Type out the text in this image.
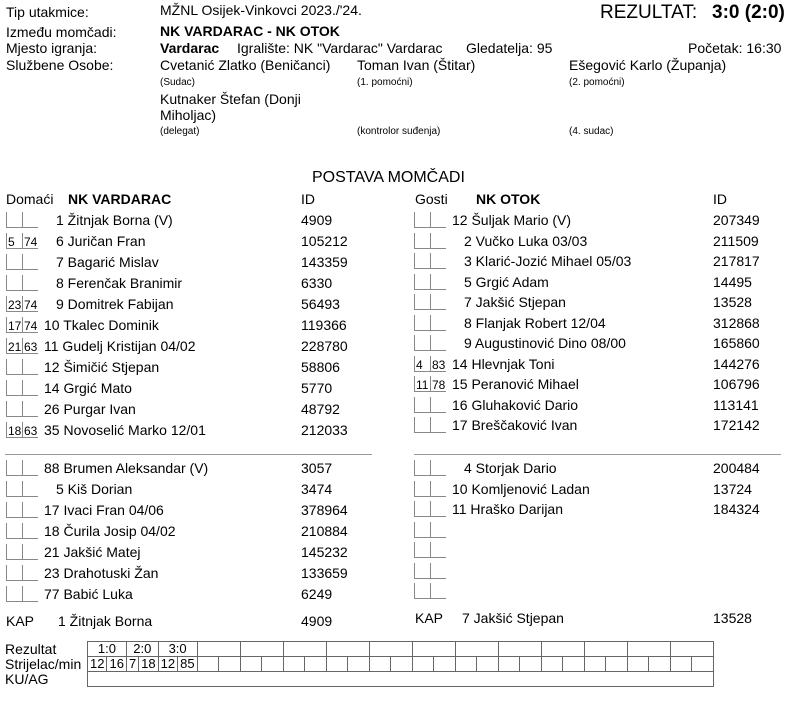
Tip utakmice:	MŽNL Osijek-Vinkovci 2023./'24.	REZULTAT: 3:0 (2:0)
Između momčadi:	NK VARDARAC - NK OTOK
Mjesto igranja:	Vardarac Igralište: NK "Vardarac" Vardarac Gledatelja: 95	Početak: 16:30
Službene Osobe:	Cvetanić Zlatko (Beničanci) Toman Ivan (Štitar)	Ešegović Karlo (Županja)
(Sudac)	(1. pomoćni)	(2. pomoćni)
Kutnaker Štefan (Donji
Miholjac)
(delegat)	(kontrolor suđenja)	(4. sudac)
POSTAVA MOMČADI
Domaći NK VARDARAC	ID	Gosti NK OTOK	ID
1 Žitnjak Borna (V)	4909
5 74 6 Juričan Fran	105212
7 Bagarić Mislav	143359
8 Ferenčak Branimir	6330
23 74 9 Domitrek Fabijan	56493
17 74 10 Tkalec Dominik	119366
21 63 11 Gudelj Kristijan 04/02	228780
12 Šimičić Stjepan	58806
14 Grgić Mato	5770
26 Purgar Ivan	48792
18 63 35 Novoselić Marko 12/01	212033
88 Brumen Aleksandar (V)	3057
5 Kiš Dorian	3474
17 Ivaci Fran 04/06	378964
18 Čurila Josip 04/02	210884
21 Jakšić Matej	145232
23 Drahotuski Žan	133659
77 Babić Luka	6249
12 Šuljak Mario (V)	207349
2 Vučko Luka 03/03	211509
3 Klarić-Jozić Mihael 05/03	217817
5 Grgić Adam	14495
7 Jakšić Stjepan	13528
8 Flanjak Robert 12/04	312868
9 Augustinović Dino 08/00	165860
4 83 14 Hlevnjak Toni	144276
11 78 15 Peranović Mihael	106796
16 Gluhaković Dario	113141
17 Breščaković Ivan	172142
4 Storjak Dario	200484
10 Komljenović Ladan	13724
11 Hraško Darijan	184324
KAP 1 Žitnjak Borna	4909	KAP 7 Jakšić Stjepan	13528
Rezultat	1:0		2:0		3:0																									
Strijelac/min	12	16	7	18	12	85																								
KU/AG																														
